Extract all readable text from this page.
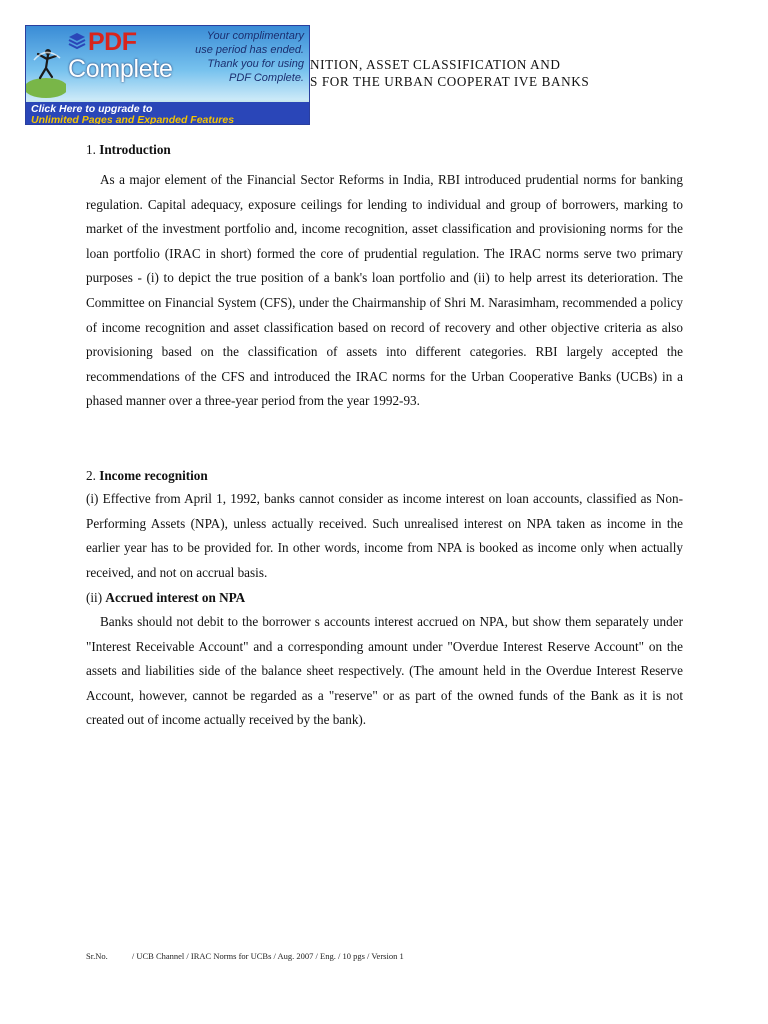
NITION, ASSET CLASSIFICATION AND
S FOR THE URBAN COOPERAT IVE BANKS
PDF
Complete
Your complimentary
use period has ended.
Thank you for using
PDF Complete.
Click Here to upgrade to
Unlimited Pages and Expanded Features
1. Introduction
As a major element of the Financial Sector Reforms in India, RBI introduced prudential norms for banking regulation. Capital adequacy, exposure ceilings for lending to individual and group of borrowers, marking to market of the investment portfolio and, income recognition, asset classification and provisioning norms for the loan portfolio (IRAC in short) formed the core of prudential regulation. The IRAC norms serve two primary purposes - (i) to depict the true position of a bank's loan portfolio and (ii) to help arrest its deterioration. The Committee on Financial System (CFS), under the Chairmanship of Shri M. Narasimham, recommended a policy of income recognition and asset classification based on record of recovery and other objective criteria as also provisioning based on the classification of assets into different categories. RBI largely accepted the recommendations of the CFS and introduced the IRAC norms for the Urban Cooperative Banks (UCBs) in a phased manner over a three-year period from the year 1992-93.
2. Income recognition
(i) Effective from April 1, 1992, banks cannot consider as income interest on loan accounts, classified as Non-Performing Assets (NPA), unless actually received. Such unrealised interest on NPA taken as income in the earlier year has to be provided for. In other words, income from NPA is booked as income only when actually received, and not on accrual basis.
(ii) Accrued interest on NPA
Banks should not debit to the borrower s accounts interest accrued on NPA, but show them separately under "Interest Receivable Account" and a corresponding amount under "Overdue Interest Reserve Account" on the assets and liabilities side of the balance sheet respectively. (The amount held in the Overdue Interest Reserve Account, however, cannot be regarded as a "reserve" or as part of the owned funds of the Bank as it is not created out of income actually received by the bank).
Sr.No.	/ UCB Channel / IRAC Norms for UCBs / Aug. 2007 / Eng. / 10 pgs / Version 1
